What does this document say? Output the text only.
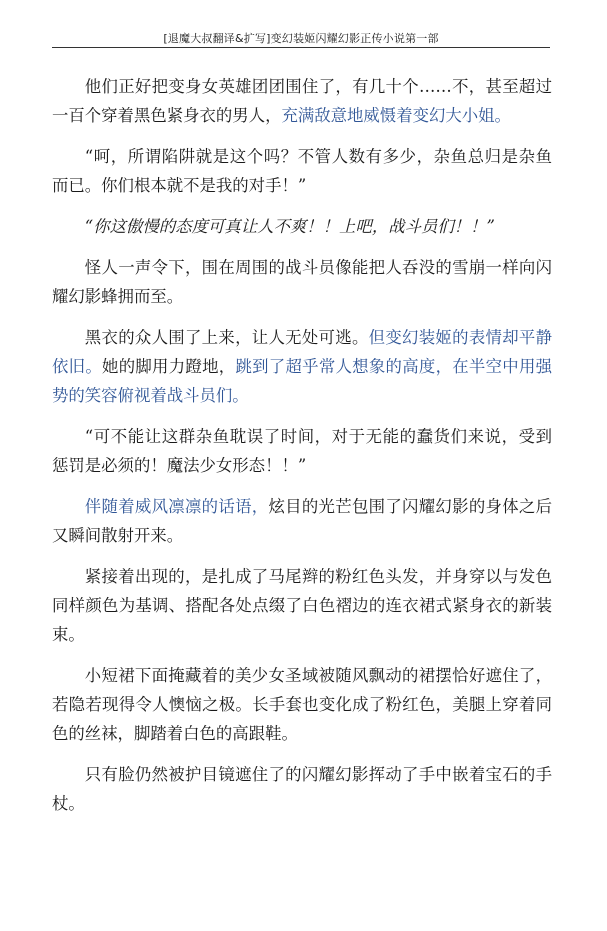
[退魔大叔翻译&扩写]变幻装姬闪耀幻影正传小说第一部

他们正好把变身女英雄团团围住了，有几十个……不，甚至超过一百个穿着黑色紧身衣的男人，充满敌意地威慑着变幻大小姐。

“呵，所谓陷阱就是这个吗？不管人数有多少，杂鱼总归是杂鱼而已。你们根本就不是我的对手！”

“你这傲慢的态度可真让人不爽！！上吧，战斗员们！！”

怪人一声令下，围在周围的战斗员像能把人吞没的雪崩一样向闪耀幻影蜂拥而至。

黑衣的众人围了上来，让人无处可逃。但变幻装姬的表情却平静依旧。她的脚用力蹬地，跳到了超乎常人想象的高度，在半空中用强势的笑容俯视着战斗员们。

“可不能让这群杂鱼耽误了时间，对于无能的蠢货们来说，受到惩罚是必须的！魔法少女形态！！”

伴随着威风凛凛的话语，炫目的光芒包围了闪耀幻影的身体之后又瞬间散射开来。

紧接着出现的，是扎成了马尾辫的粉红色头发，并身穿以与发色同样颜色为基调、搭配各处点缀了白色褶边的连衣裙式紧身衣的新装束。

小短裙下面掩藏着的美少女圣域被随风飘动的裙摆恰好遮住了，若隐若现得令人懊恼之极。长手套也变化成了粉红色，美腿上穿着同色的丝袜，脚踏着白色的高跟鞋。

只有脸仍然被护目镜遮住了的闪耀幻影挥动了手中嵌着宝石的手杖。
